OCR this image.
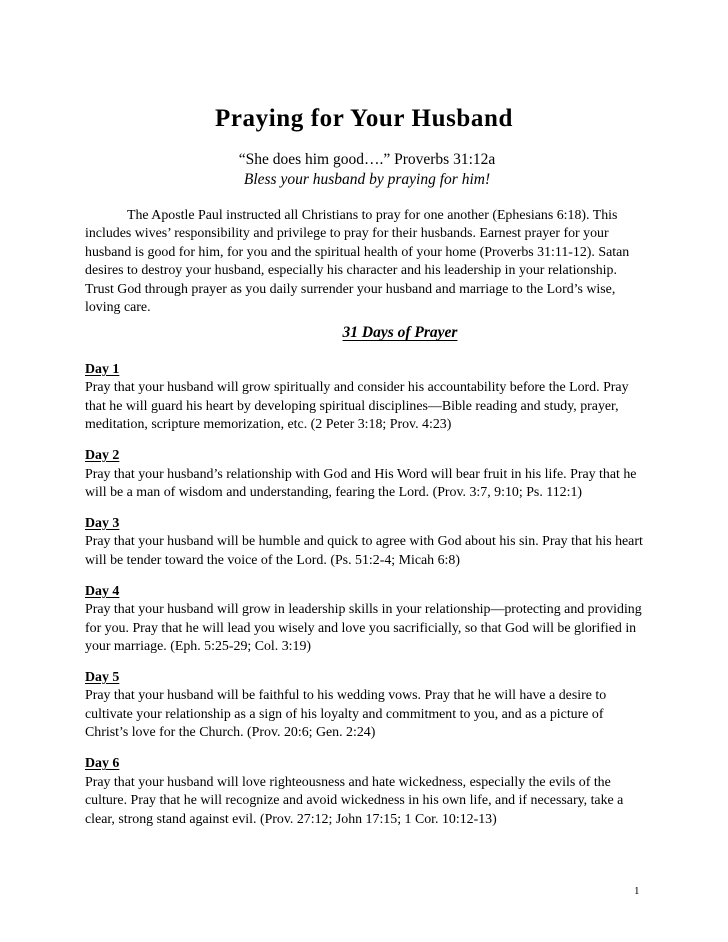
Praying for Your Husband
“She does him good….” Proverbs 31:12a
Bless your husband by praying for him!

The Apostle Paul instructed all Christians to pray for one another (Ephesians 6:18). This includes wives’ responsibility and privilege to pray for their husbands. Earnest prayer for your husband is good for him, for you and the spiritual health of your home (Proverbs 31:11-12). Satan desires to destroy your husband, especially his character and his leadership in your relationship. Trust God through prayer as you daily surrender your husband and marriage to the Lord’s wise, loving care.

31 Days of Prayer
Day 1

Pray that your husband will grow spiritually and consider his accountability before the Lord. Pray that he will guard his heart by developing spiritual disciplines—Bible reading and study, prayer, meditation, scripture memorization, etc. (2 Peter 3:18; Prov. 4:23)

Day 2

Pray that your husband’s relationship with God and His Word will bear fruit in his life. Pray that he will be a man of wisdom and understanding, fearing the Lord. (Prov. 3:7, 9:10; Ps. 112:1)

Day 3

Pray that your husband will be humble and quick to agree with God about his sin. Pray that his heart will be tender toward the voice of the Lord. (Ps. 51:2-4; Micah 6:8)

Day 4

Pray that your husband will grow in leadership skills in your relationship—protecting and providing for you. Pray that he will lead you wisely and love you sacrificially, so that God will be glorified in your marriage. (Eph. 5:25-29; Col. 3:19)

Day 5

Pray that your husband will be faithful to his wedding vows. Pray that he will have a desire to cultivate your relationship as a sign of his loyalty and commitment to you, and as a picture of Christ’s love for the Church. (Prov. 20:6; Gen. 2:24)

Day 6

Pray that your husband will love righteousness and hate wickedness, especially the evils of the culture. Pray that he will recognize and avoid wickedness in his own life, and if necessary, take a clear, strong stand against evil. (Prov. 27:12; John 17:15; 1 Cor. 10:12-13)

1
